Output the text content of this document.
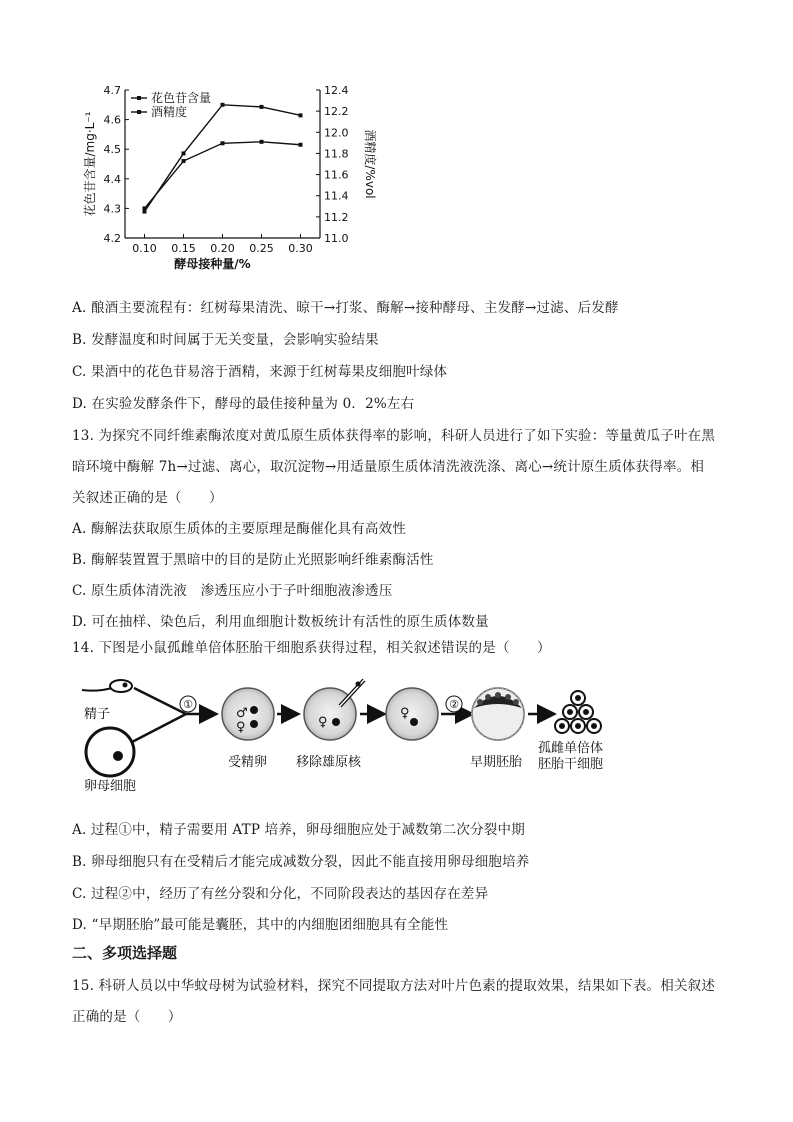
4.2
4.3
4.4
4.5
4.6
4.7
11.0
11.2
11.4
11.6
11.8
12.0
12.2
12.4
0.10 0.15 0.20 0.25 0.30
酵母接种量/%
花色苷含量/mg·L⁻¹	酒精度/%vol
花色苷含量
酒精度
A. 酿酒主要流程有：红树莓果清洗、晾干→打浆、酶解→接种酵母、主发酵→过滤、后发酵
B. 发酵温度和时间属于无关变量，会影响实验结果
C. 果酒中的花色苷易溶于酒精，来源于红树莓果皮细胞叶绿体
D. 在实验发酵条件下，酵母的最佳接种量为 0．2%左右
13. 为探究不同纤维素酶浓度对黄瓜原生质体获得率的影响，科研人员进行了如下实验：等量黄瓜子叶在黑
暗环境中酶解 7h→过滤、离心，取沉淀物→用适量原生质体清洗液洗涤、离心→统计原生质体获得率。相
关叙述正确的是（　　）
A. 酶解法获取原生质体的主要原理是酶催化具有高效性
B. 酶解装置置于黑暗中的目的是防止光照影响纤维素酶活性
C. 原生质体清洗液　渗透压应小于子叶细胞液渗透压
D. 可在抽样、染色后，利用血细胞计数板统计有活性的原生质体数量
14. 下图是小鼠孤雌单倍体胚胎干细胞系获得过程，相关叙述错误的是（　　）
精子
卵母细胞
①
♂
♀
受精卵
♀
移除雄原核
♀
②
早期胚胎
孤雌单倍体
胚胎干细胞
A. 过程①中，精子需要用 ATP 培养，卵母细胞应处于减数第二次分裂中期
B. 卵母细胞只有在受精后才能完成减数分裂，因此不能直接用卵母细胞培养
C. 过程②中，经历了有丝分裂和分化，不同阶段表达的基因存在差异
D. “早期胚胎”最可能是囊胚，其中的内细胞团细胞具有全能性
二、多项选择题
15. 科研人员以中华蚊母树为试验材料，探究不同提取方法对叶片色素的提取效果，结果如下表。相关叙述
正确的是（　　）
